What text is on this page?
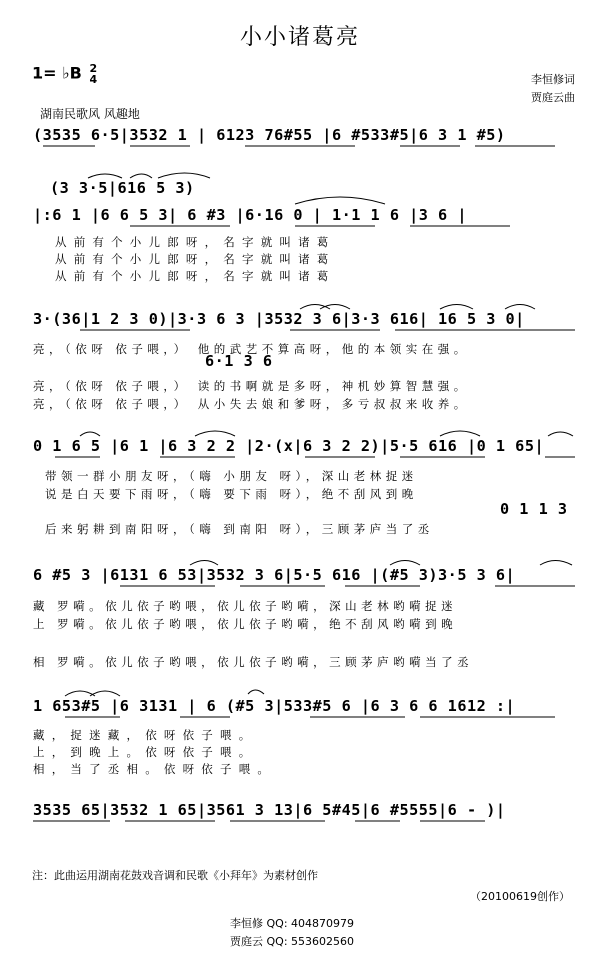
小小诸葛亮
1= ♭B 2
4	李恒修词
贾庭云曲
湖南民歌风 风趣地
(3535 6·5|3532 1 | 6123 76#55 |6 #533#5|6 3 1 #5)
(3 3·5|616 5 3)
|:6 1 |6 6 5 3| 6 #3 |6·16 0 | 1·1 1 6 |3 6 |
3·(36|1 2 3 0)|3·3 6 3 |3532 3 6|3·3 616| 16 5 3 0|
6·1 3 6
0 1 6 5 |6 1 |6 3 2 2 |2·(x|6 3 2 2)|5·5 616 |0 1 65|
0 1 1 3
6 #5 3 |6131 6 53|3532 3 6|5·5 616 |(#5 3)3·5 3 6|
1 653#5 |6 3131 | 6 (#5 3|533#5 6 |6 3 6 6 1612 :|
3535 65|3532 1 65|3561 3 13|6 5#45|6 #5555|6 - )|
从前有个小儿郎呀，名字就叫诸葛
从前有个小儿郎呀，名字就叫诸葛
从前有个小儿郎呀，名字就叫诸葛
亮，（依呀 依子喂，） 他的武艺不算高呀，他的本领实在强。
亮，（依呀 依子喂，） 读的书啊就是多呀，神机妙算智慧强。
亮，（依呀 依子喂，） 从小失去娘和爹呀，多亏叔叔来收养。
带领一群小朋友呀，（嗨 小朋友 呀），深山老林捉迷
说是白天要下雨呀，（嗨 要下雨 呀），绝不刮风到晚
后来躬耕到南阳呀，（嗨 到南阳 呀），三顾茅庐当了丞
藏 罗嗬。依儿依子哟喂，依儿依子哟嗬，深山老林哟嗬捉迷
上 罗嗬。依儿依子哟喂，依儿依子哟嗬，绝不刮风哟嗬到晚
相 罗嗬。依儿依子哟喂，依儿依子哟嗬，三顾茅庐哟嗬当了丞
藏，捉迷藏，依呀依子喂。
上，到晚上。依呀依子喂。
相，当了丞相。依呀依子喂。
注：此曲运用湖南花鼓戏音调和民歌《小拜年》为素材创作
（20100619创作）
李恒修 QQ: 404870979
贾庭云 QQ: 553602560
